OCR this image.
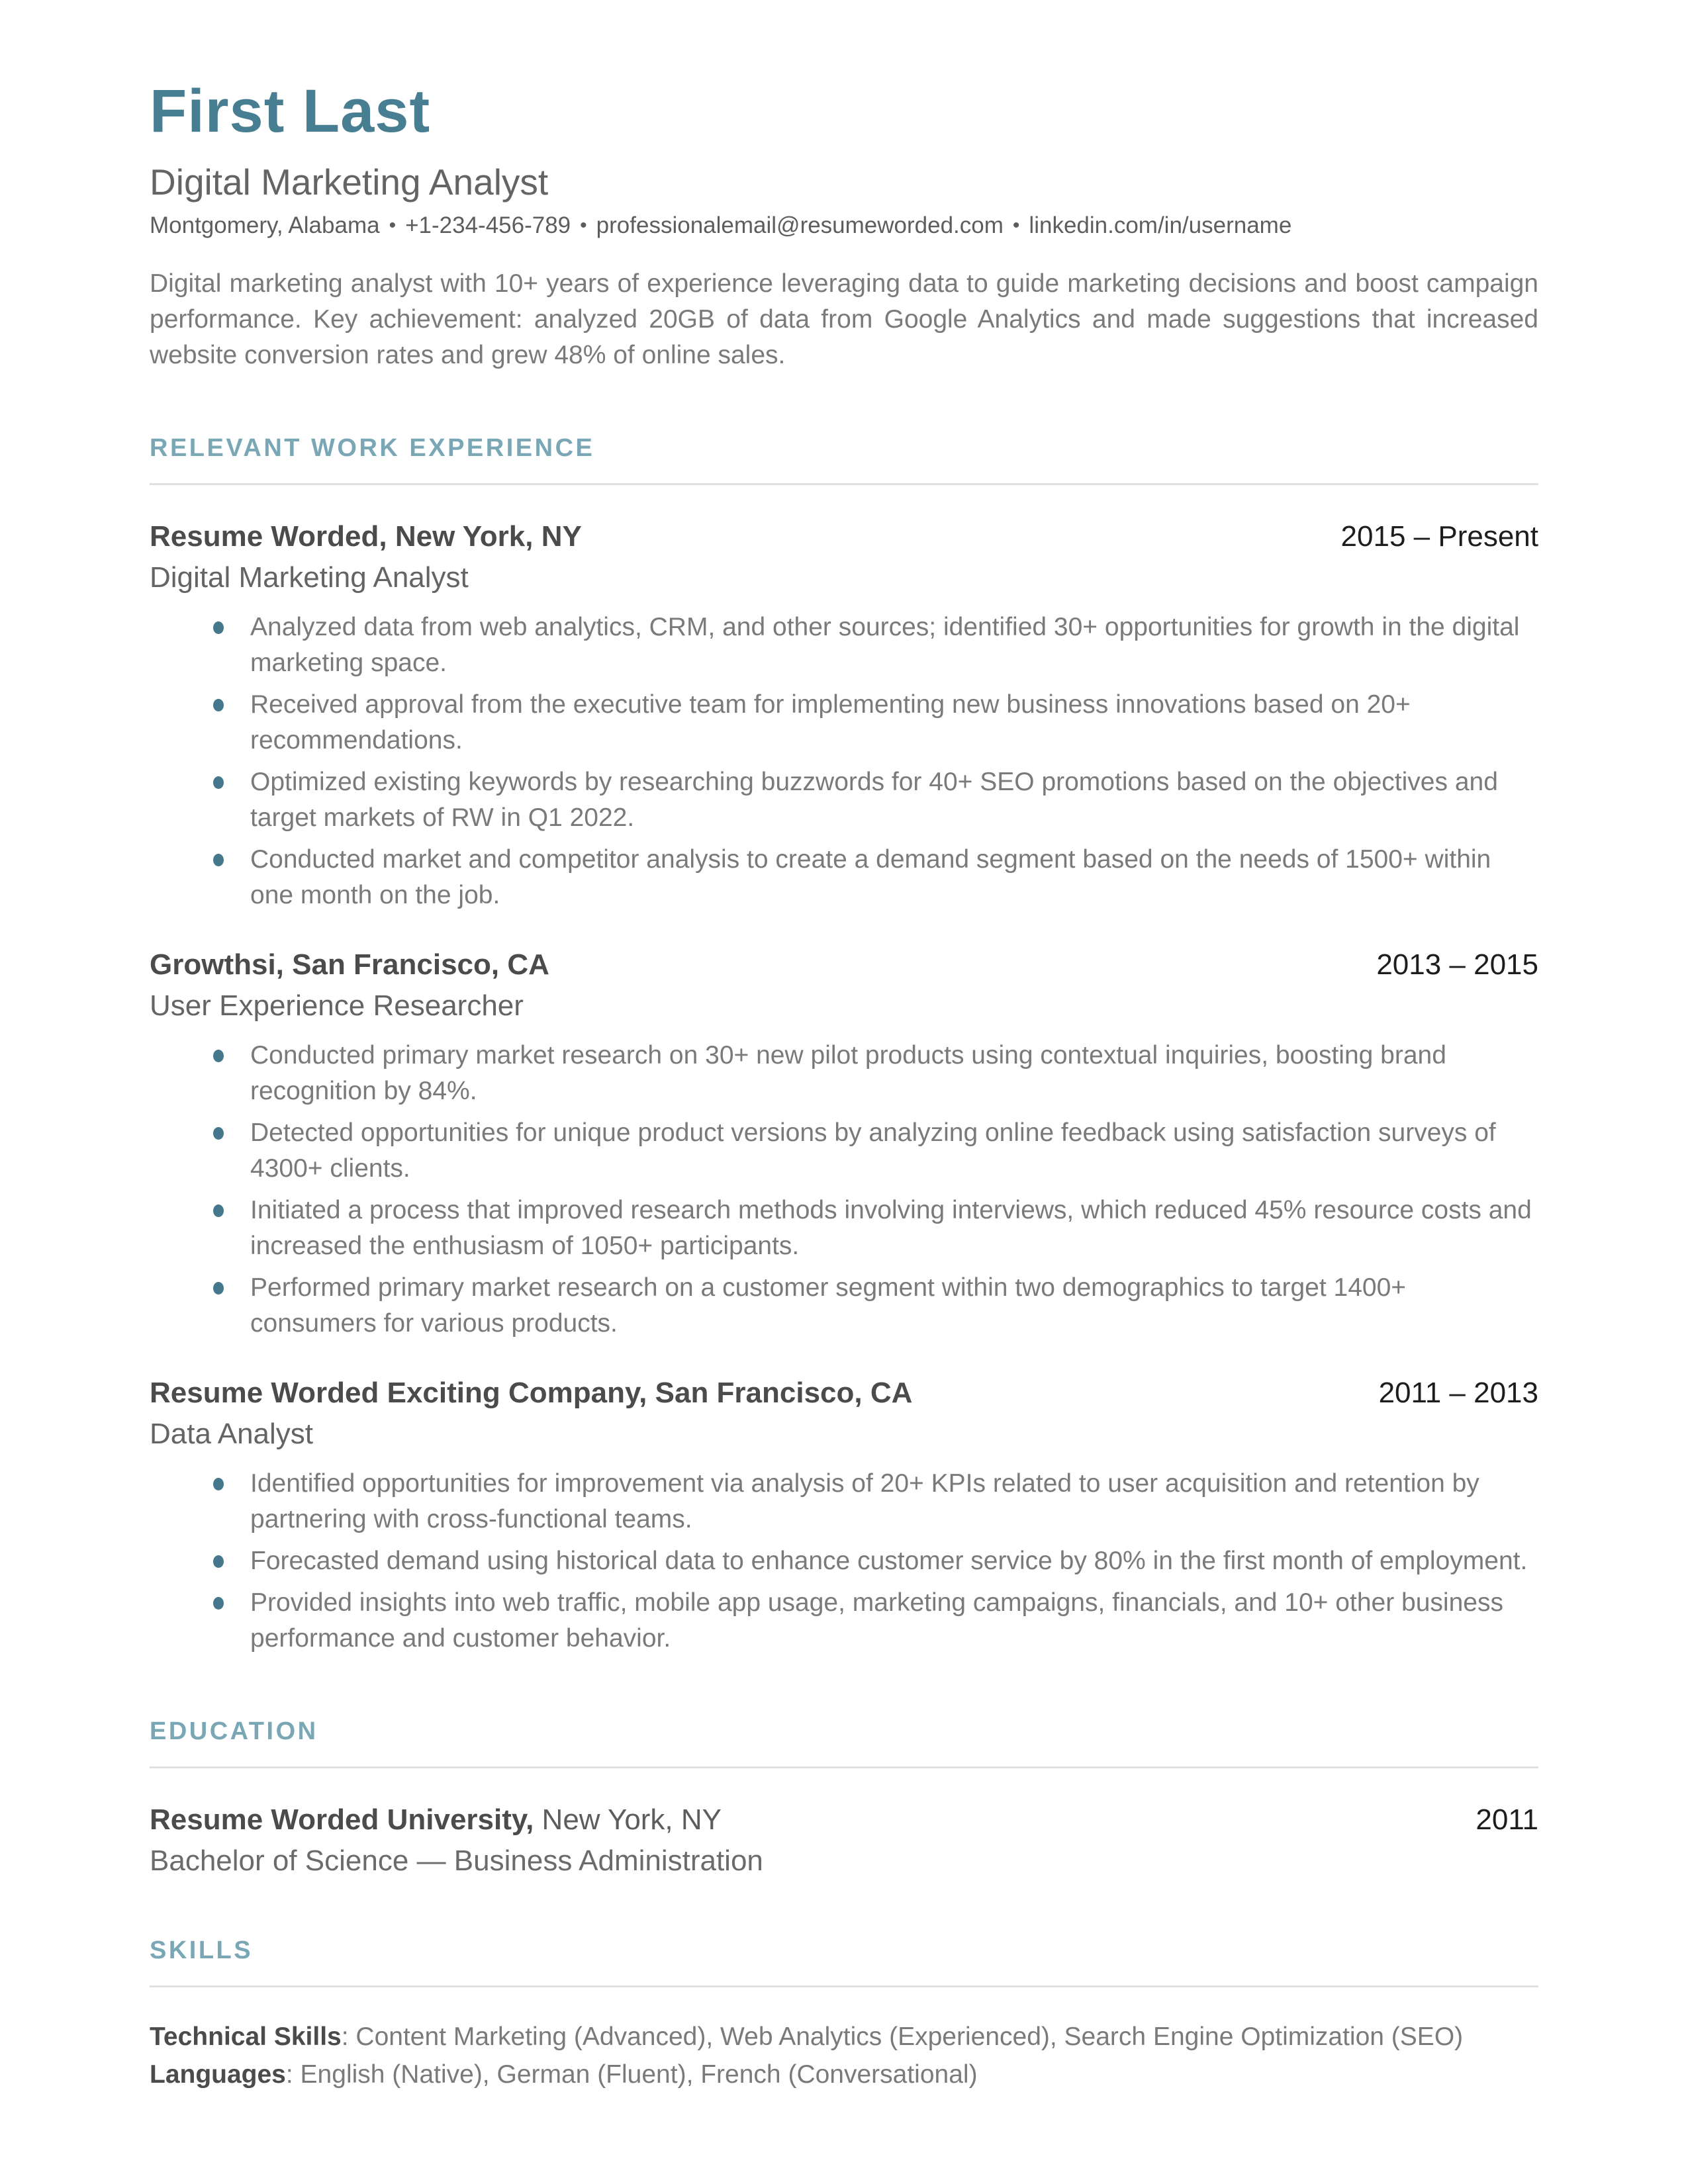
First Last
Digital Marketing Analyst
Montgomery, Alabama • +1-234-456-789 • professionalemail@resumeworded.com • linkedin.com/in/username

Digital marketing analyst with 10+ years of experience leveraging data to guide marketing decisions and boost campaign performance. Key achievement: analyzed 20GB of data from Google Analytics and made suggestions that increased website conversion rates and grew 48% of online sales.

RELEVANT WORK EXPERIENCE
Resume Worded, New York, NY	2015 – Present
Digital Marketing Analyst
Analyzed data from web analytics, CRM, and other sources; identified 30+ opportunities for growth in the digital marketing space.
Received approval from the executive team for implementing new business innovations based on 20+ recommendations.
Optimized existing keywords by researching buzzwords for 40+ SEO promotions based on the objectives and target markets of RW in Q1 2022.
Conducted market and competitor analysis to create a demand segment based on the needs of 1500+ within one month on the job.
Growthsi, San Francisco, CA	2013 – 2015
User Experience Researcher
Conducted primary market research on 30+ new pilot products using contextual inquiries, boosting brand recognition by 84%.
Detected opportunities for unique product versions by analyzing online feedback using satisfaction surveys of 4300+ clients.
Initiated a process that improved research methods involving interviews, which reduced 45% resource costs and increased the enthusiasm of 1050+ participants.
Performed primary market research on a customer segment within two demographics to target 1400+ consumers for various products.
Resume Worded Exciting Company, San Francisco, CA	2011 – 2013
Data Analyst
Identified opportunities for improvement via analysis of 20+ KPIs related to user acquisition and retention by partnering with cross-functional teams.
Forecasted demand using historical data to enhance customer service by 80% in the first month of employment.
Provided insights into web traffic, mobile app usage, marketing campaigns, financials, and 10+ other business performance and customer behavior.
EDUCATION
Resume Worded University, New York, NY	2011
Bachelor of Science — Business Administration
SKILLS

Technical Skills: Content Marketing (Advanced), Web Analytics (Experienced), Search Engine Optimization (SEO)

Languages: English (Native), German (Fluent), French (Conversational)
